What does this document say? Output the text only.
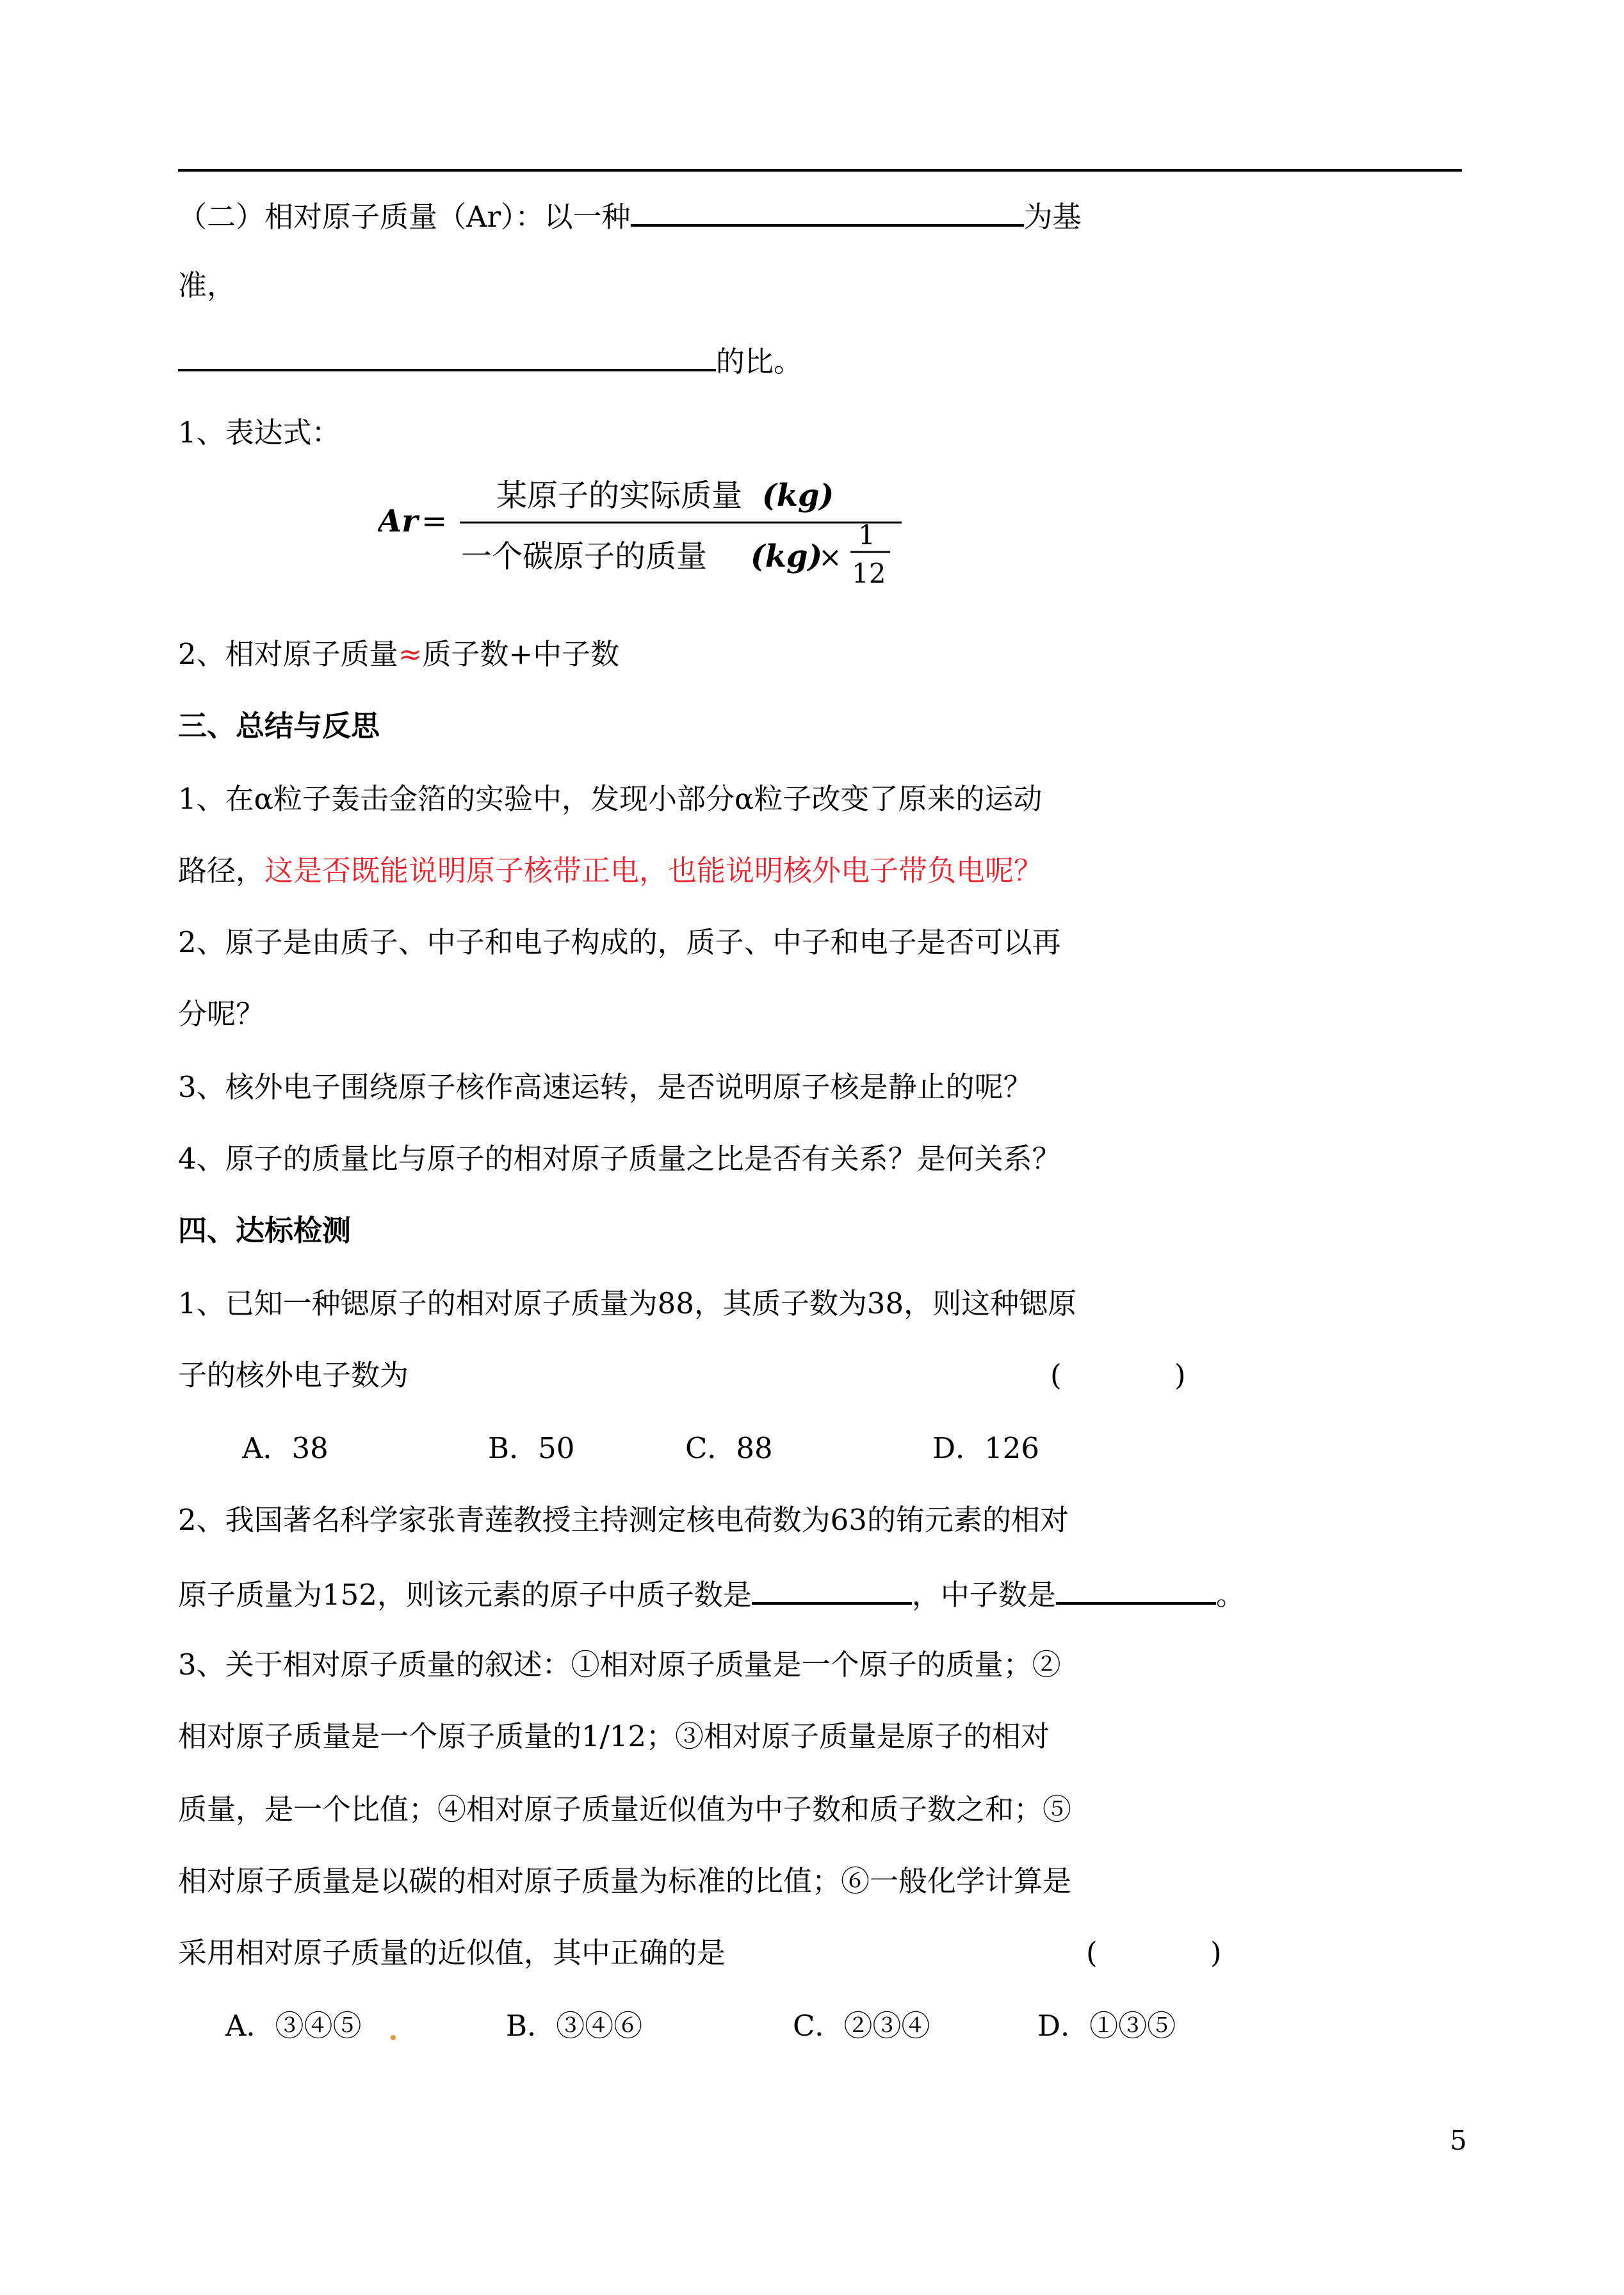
（二）相对原子质量（Ar）：以一种	为基
准，
的比。
1、表达式：
Ar =
某原子的实际质量 (kg)
一个碳原子的质量 (kg)
×
1
12
2、相对原子质量≈质子数+中子数
三、总结与反思
1、在α粒子轰击金箔的实验中，发现小部分α粒子改变了原来的运动
路径，这是否既能说明原子核带正电，也能说明核外电子带负电呢？
2、原子是由质子、中子和电子构成的，质子、中子和电子是否可以再
分呢？
3、核外电子围绕原子核作高速运转，是否说明原子核是静止的呢？
4、原子的质量比与原子的相对原子质量之比是否有关系？是何关系？
四、达标检测
1、已知一种锶原子的相对原子质量为88，其质子数为38，则这种锶原
子的核外电子数为	(	)
A．38	B．50	C．88	D．126
2、我国著名科学家张青莲教授主持测定核电荷数为63的铕元素的相对
原子质量为152，则该元素的原子中质子数是	，中子数是	。
3、关于相对原子质量的叙述：①相对原子质量是一个原子的质量；②
相对原子质量是一个原子质量的1/12；③相对原子质量是原子的相对
质量，是一个比值；④相对原子质量近似值为中子数和质子数之和；⑤
相对原子质量是以碳的相对原子质量为标准的比值；⑥一般化学计算是
采用相对原子质量的近似值，其中正确的是	(	)
A．③④⑤	B．③④⑥	C．②③④	D．①③⑤
5
